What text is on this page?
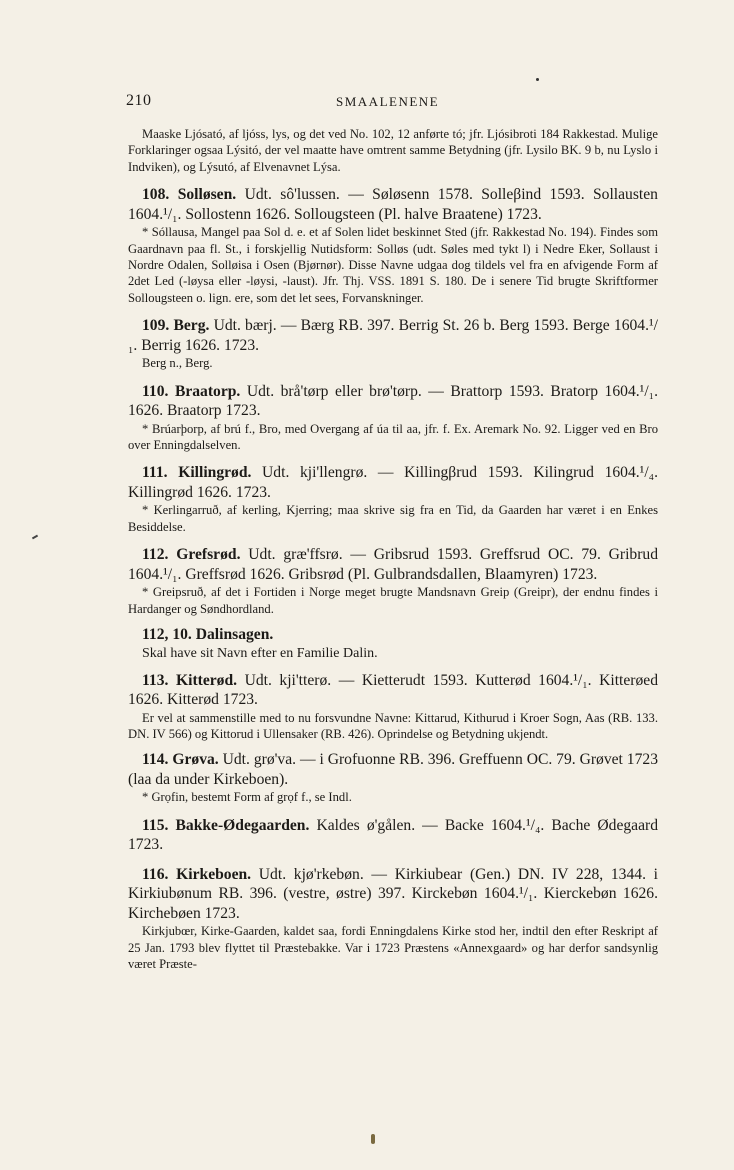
210	SMAALENENE

Maaske Ljósató, af ljóss, lys, og det ved No. 102, 12 anførte tó; jfr. Ljósibroti 184 Rakkestad. Mulige Forklaringer ogsaa Lýsitó, der vel maatte have omtrent samme Betydning (jfr. Lysilo BK. 9 b, nu Lyslo i Indviken), og Lýsutó, af Elvenavnet Lýsa.

108. Solløsen. Udt. sô'lussen. — Søløsenn 1578. Solleβind 1593. Sollausten 1604.¹/₁. Sollostenn 1626. Sollougsteen (Pl. halve Braatene) 1723.

* Sóllausa, Mangel paa Sol d. e. et af Solen lidet beskinnet Sted (jfr. Rakkestad No. 194). Findes som Gaardnavn paa fl. St., i forskjellig Nutidsform: Solløs (udt. Søles med tykt l) i Nedre Eker, Sollaust i Nordre Odalen, Solløisa i Osen (Bjørnør). Disse Navne udgaa dog tildels vel fra en afvigende Form af 2det Led (-løysa eller -løysi, -laust). Jfr. Thj. VSS. 1891 S. 180. De i senere Tid brugte Skriftformer Sollougsteen o. lign. ere, som det let sees, Forvanskninger.

109. Berg. Udt. bærj. — Bærg RB. 397. Berrig St. 26 b. Berg 1593. Berge 1604.¹/₁. Berrig 1626. 1723.

Berg n., Berg.

110. Braatorp. Udt. brå'tørp eller brø'tørp. — Brattorp 1593. Bratorp 1604.¹/₁. 1626. Braatorp 1723.

* Brúarþorp, af brú f., Bro, med Overgang af úa til aa, jfr. f. Ex. Aremark No. 92. Ligger ved en Bro over Enningdalselven.

111. Killingrød. Udt. kji'llengrø. — Killingβrud 1593. Kilingrud 1604.¹/₄. Killingrød 1626. 1723.

* Kerlingarruð, af kerling, Kjerring; maa skrive sig fra en Tid, da Gaarden har været i en Enkes Besiddelse.

112. Grefsrød. Udt. græ'ffsrø. — Gribsrud 1593. Greffsrud OC. 79. Gribrud 1604.¹/₁. Greffsrød 1626. Gribsrød (Pl. Gulbrandsdallen, Blaamyren) 1723.

* Greipsruð, af det i Fortiden i Norge meget brugte Mandsnavn Greip (Greipr), der endnu findes i Hardanger og Søndhordland.

112, 10. Dalinsagen.

Skal have sit Navn efter en Familie Dalin.

113. Kitterød. Udt. kji'tterø. — Kietterudt 1593. Kutterød 1604.¹/₁. Kitterøed 1626. Kitterød 1723.

Er vel at sammenstille med to nu forsvundne Navne: Kittarud, Kithurud i Kroer Sogn, Aas (RB. 133. DN. IV 566) og Kittorud i Ullensaker (RB. 426). Oprindelse og Betydning ukjendt.

114. Grøva. Udt. grø'va. — i Grofuonne RB. 396. Greffuenn OC. 79. Grøvet 1723 (laa da under Kirkeboen).

* Grọfin, bestemt Form af grọf f., se Indl.

115. Bakke-Ødegaarden. Kaldes ø'gålen. — Backe 1604.¹/₄. Bache Ødegaard 1723.

116. Kirkeboen. Udt. kjø'rkebøn. — Kirkiubear (Gen.) DN. IV 228, 1344. i Kirkiubønum RB. 396. (vestre, østre) 397. Kirckebøn 1604.¹/₁. Kierckebøn 1626. Kirchebøen 1723.

Kirkjubœr, Kirke-Gaarden, kaldet saa, fordi Enningdalens Kirke stod her, indtil den efter Reskript af 25 Jan. 1793 blev flyttet til Præstebakke. Var i 1723 Præstens «Annexgaard» og har derfor sandsynlig været Præste-
